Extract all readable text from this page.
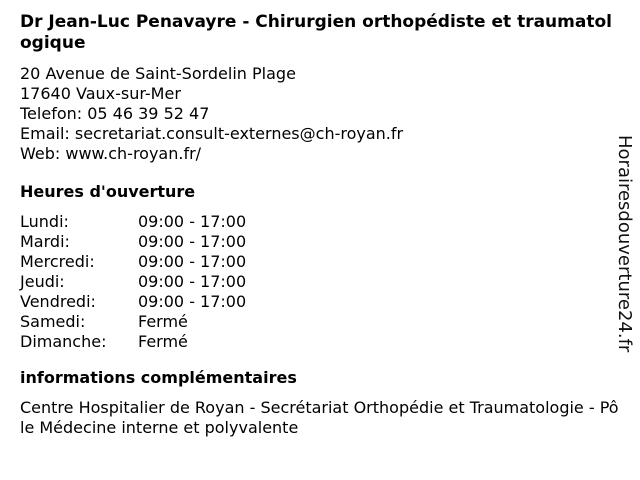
Dr Jean-Luc Penavayre - Chirurgien orthopédiste et traumatologique
20 Avenue de Saint-Sordelin Plage
17640 Vaux-sur-Mer
Telefon: 05 46 39 52 47
Email: secretariat.consult-externes@ch-royan.fr
Web: www.ch-royan.fr/
Heures d'ouverture
Lundi:	09:00 - 17:00
Mardi:	09:00 - 17:00
Mercredi:	09:00 - 17:00
Jeudi:	09:00 - 17:00
Vendredi:	09:00 - 17:00
Samedi:	Fermé
Dimanche:	Fermé
informations complémentaires
Centre Hospitalier de Royan - Secrétariat Orthopédie et Traumatologie - Pôle Médecine interne et polyvalente
Horairesdouverture24.fr
